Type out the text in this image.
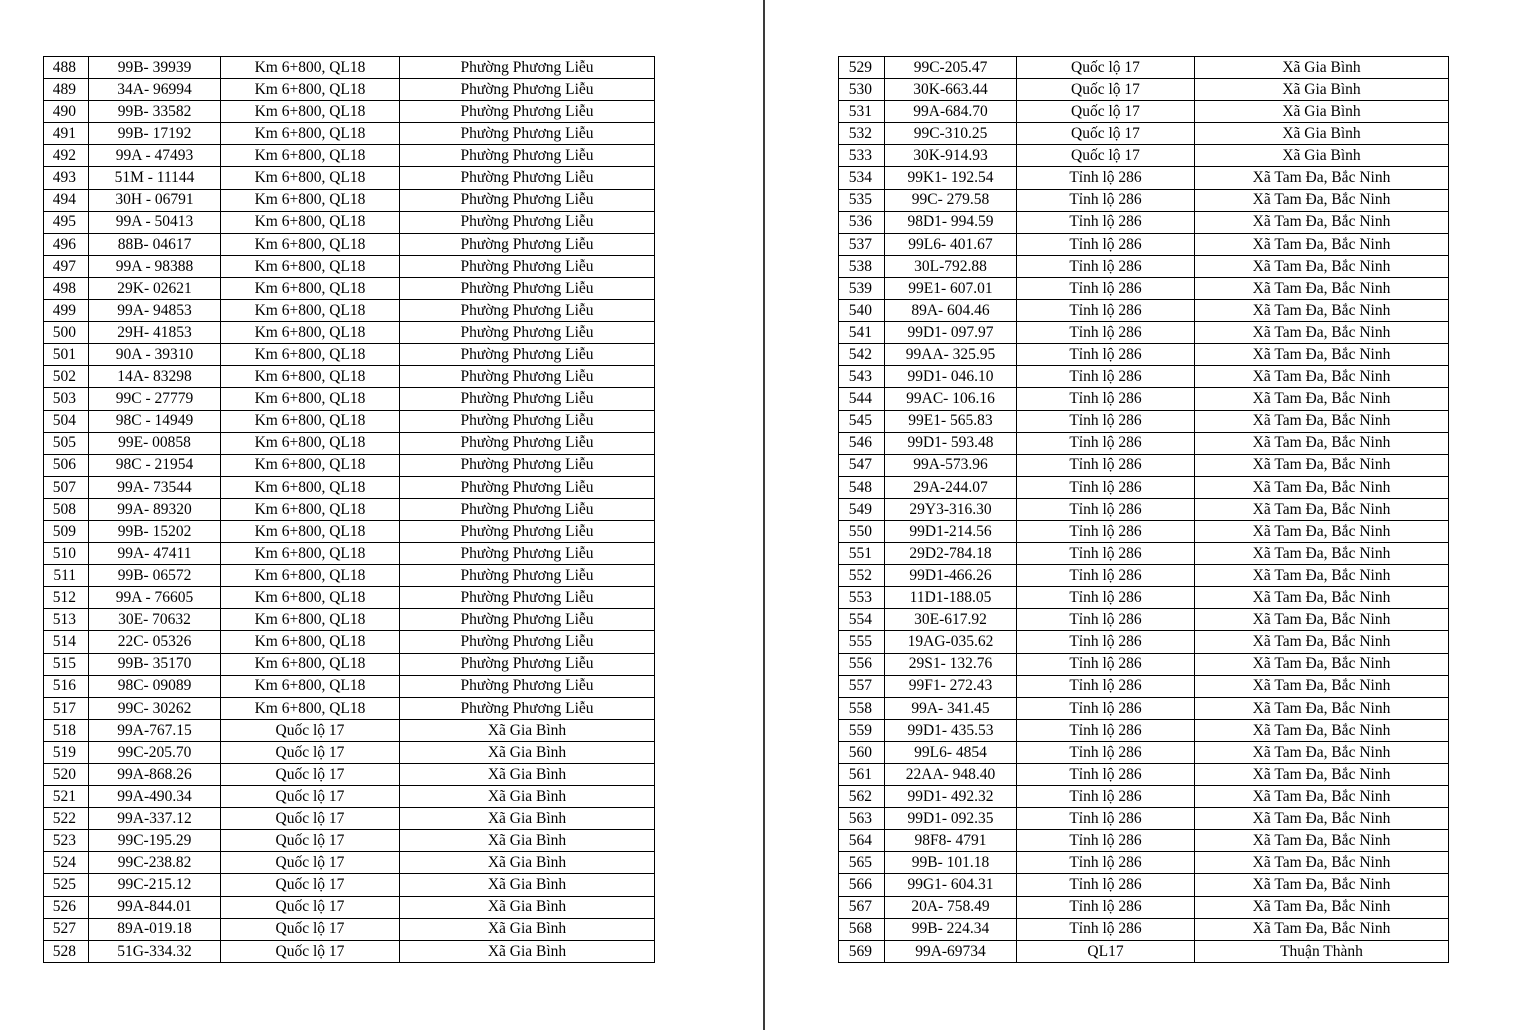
488	99B- 39939	Km 6+800, QL18	Phường Phương Liễu
489	34A- 96994	Km 6+800, QL18	Phường Phương Liễu
490	99B- 33582	Km 6+800, QL18	Phường Phương Liễu
491	99B- 17192	Km 6+800, QL18	Phường Phương Liễu
492	99A - 47493	Km 6+800, QL18	Phường Phương Liễu
493	51M - 11144	Km 6+800, QL18	Phường Phương Liễu
494	30H - 06791	Km 6+800, QL18	Phường Phương Liễu
495	99A - 50413	Km 6+800, QL18	Phường Phương Liễu
496	88B- 04617	Km 6+800, QL18	Phường Phương Liễu
497	99A - 98388	Km 6+800, QL18	Phường Phương Liễu
498	29K- 02621	Km 6+800, QL18	Phường Phương Liễu
499	99A- 94853	Km 6+800, QL18	Phường Phương Liễu
500	29H- 41853	Km 6+800, QL18	Phường Phương Liễu
501	90A - 39310	Km 6+800, QL18	Phường Phương Liễu
502	14A- 83298	Km 6+800, QL18	Phường Phương Liễu
503	99C - 27779	Km 6+800, QL18	Phường Phương Liễu
504	98C - 14949	Km 6+800, QL18	Phường Phương Liễu
505	99E- 00858	Km 6+800, QL18	Phường Phương Liễu
506	98C - 21954	Km 6+800, QL18	Phường Phương Liễu
507	99A- 73544	Km 6+800, QL18	Phường Phương Liễu
508	99A- 89320	Km 6+800, QL18	Phường Phương Liễu
509	99B- 15202	Km 6+800, QL18	Phường Phương Liễu
510	99A- 47411	Km 6+800, QL18	Phường Phương Liễu
511	99B- 06572	Km 6+800, QL18	Phường Phương Liễu
512	99A - 76605	Km 6+800, QL18	Phường Phương Liễu
513	30E- 70632	Km 6+800, QL18	Phường Phương Liễu
514	22C- 05326	Km 6+800, QL18	Phường Phương Liễu
515	99B- 35170	Km 6+800, QL18	Phường Phương Liễu
516	98C- 09089	Km 6+800, QL18	Phường Phương Liễu
517	99C- 30262	Km 6+800, QL18	Phường Phương Liễu
518	99A-767.15	Quốc lộ 17	Xã Gia Bình
519	99C-205.70	Quốc lộ 17	Xã Gia Bình
520	99A-868.26	Quốc lộ 17	Xã Gia Bình
521	99A-490.34	Quốc lộ 17	Xã Gia Bình
522	99A-337.12	Quốc lộ 17	Xã Gia Bình
523	99C-195.29	Quốc lộ 17	Xã Gia Bình
524	99C-238.82	Quốc lộ 17	Xã Gia Bình
525	99C-215.12	Quốc lộ 17	Xã Gia Bình
526	99A-844.01	Quốc lộ 17	Xã Gia Bình
527	89A-019.18	Quốc lộ 17	Xã Gia Bình
528	51G-334.32	Quốc lộ 17	Xã Gia Bình
529	99C-205.47	Quốc lộ 17	Xã Gia Bình
530	30K-663.44	Quốc lộ 17	Xã Gia Bình
531	99A-684.70	Quốc lộ 17	Xã Gia Bình
532	99C-310.25	Quốc lộ 17	Xã Gia Bình
533	30K-914.93	Quốc lộ 17	Xã Gia Bình
534	99K1- 192.54	Tỉnh lộ 286	Xã Tam Đa, Bắc Ninh
535	99C- 279.58	Tỉnh lộ 286	Xã Tam Đa, Bắc Ninh
536	98D1- 994.59	Tỉnh lộ 286	Xã Tam Đa, Bắc Ninh
537	99L6- 401.67	Tỉnh lộ 286	Xã Tam Đa, Bắc Ninh
538	30L-792.88	Tỉnh lộ 286	Xã Tam Đa, Bắc Ninh
539	99E1- 607.01	Tỉnh lộ 286	Xã Tam Đa, Bắc Ninh
540	89A- 604.46	Tỉnh lộ 286	Xã Tam Đa, Bắc Ninh
541	99D1- 097.97	Tỉnh lộ 286	Xã Tam Đa, Bắc Ninh
542	99AA- 325.95	Tỉnh lộ 286	Xã Tam Đa, Bắc Ninh
543	99D1- 046.10	Tỉnh lộ 286	Xã Tam Đa, Bắc Ninh
544	99AC- 106.16	Tỉnh lộ 286	Xã Tam Đa, Bắc Ninh
545	99E1- 565.83	Tỉnh lộ 286	Xã Tam Đa, Bắc Ninh
546	99D1- 593.48	Tỉnh lộ 286	Xã Tam Đa, Bắc Ninh
547	99A-573.96	Tỉnh lộ 286	Xã Tam Đa, Bắc Ninh
548	29A-244.07	Tỉnh lộ 286	Xã Tam Đa, Bắc Ninh
549	29Y3-316.30	Tỉnh lộ 286	Xã Tam Đa, Bắc Ninh
550	99D1-214.56	Tỉnh lộ 286	Xã Tam Đa, Bắc Ninh
551	29D2-784.18	Tỉnh lộ 286	Xã Tam Đa, Bắc Ninh
552	99D1-466.26	Tỉnh lộ 286	Xã Tam Đa, Bắc Ninh
553	11D1-188.05	Tỉnh lộ 286	Xã Tam Đa, Bắc Ninh
554	30E-617.92	Tỉnh lộ 286	Xã Tam Đa, Bắc Ninh
555	19AG-035.62	Tỉnh lộ 286	Xã Tam Đa, Bắc Ninh
556	29S1- 132.76	Tỉnh lộ 286	Xã Tam Đa, Bắc Ninh
557	99F1- 272.43	Tỉnh lộ 286	Xã Tam Đa, Bắc Ninh
558	99A- 341.45	Tỉnh lộ 286	Xã Tam Đa, Bắc Ninh
559	99D1- 435.53	Tỉnh lộ 286	Xã Tam Đa, Bắc Ninh
560	99L6- 4854	Tỉnh lộ 286	Xã Tam Đa, Bắc Ninh
561	22AA- 948.40	Tỉnh lộ 286	Xã Tam Đa, Bắc Ninh
562	99D1- 492.32	Tỉnh lộ 286	Xã Tam Đa, Bắc Ninh
563	99D1- 092.35	Tỉnh lộ 286	Xã Tam Đa, Bắc Ninh
564	98F8- 4791	Tỉnh lộ 286	Xã Tam Đa, Bắc Ninh
565	99B- 101.18	Tỉnh lộ 286	Xã Tam Đa, Bắc Ninh
566	99G1- 604.31	Tỉnh lộ 286	Xã Tam Đa, Bắc Ninh
567	20A- 758.49	Tỉnh lộ 286	Xã Tam Đa, Bắc Ninh
568	99B- 224.34	Tỉnh lộ 286	Xã Tam Đa, Bắc Ninh
569	99A-69734	QL17	Thuận Thành
